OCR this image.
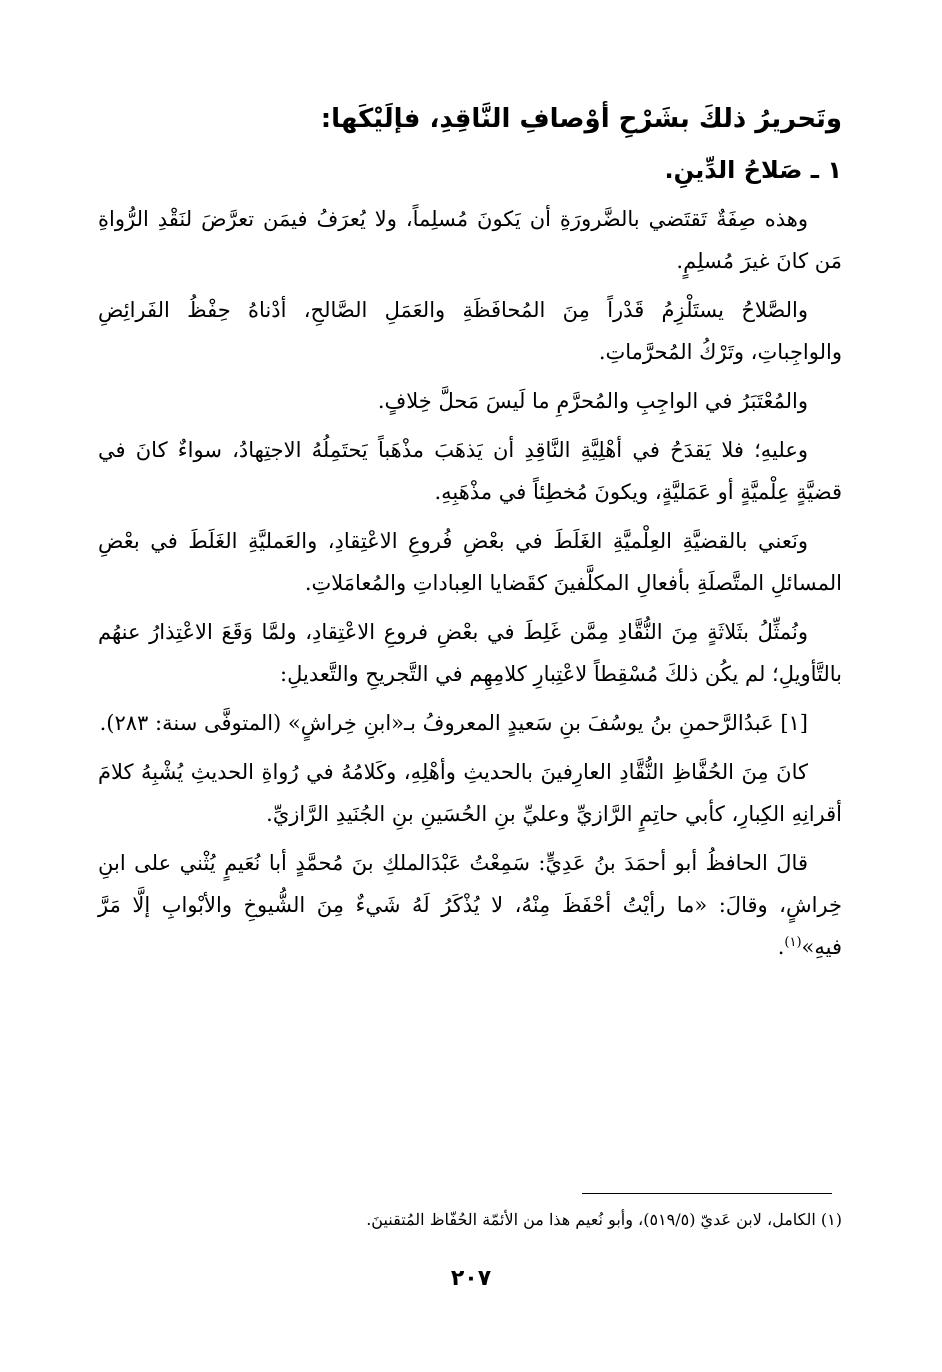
وتَحريرُ ذلكَ بشَرْحِ أوْصافِ النَّاقِدِ، فإلَيْكَها:
١ ـ صَلاحُ الدِّينِ.

وهذه صِفَةٌ تَقتَضي بالضَّرورَةِ أن يَكونَ مُسلِماً، ولا يُعرَفُ فيمَن تعرَّضَ لنَقْدِ الرُّواةِ مَن كانَ غيرَ مُسلِمٍ.

والصَّلاحُ يستَلْزِمُ قَدْراً مِنَ المُحافَظَةِ والعَمَلِ الصَّالحِ، أدْناهُ حِفْظُ الفَرائِضِ والواجِباتِ، وتَرْكُ المُحرَّماتِ.

والمُعْتَبَرُ في الواجِبِ والمُحرَّمِ ما لَيسَ مَحلَّ خِلافٍ.

وعليهِ؛ فلا يَقدَحُ في أهْلِيَّةِ النَّاقِدِ أن يَذهَبَ مذْهَباً يَحتَمِلُهُ الاجتِهادُ، سواءٌ كانَ في قضيَّةٍ عِلْميَّةٍ أو عَمَليَّةٍ، ويكونَ مُخطِئاً في مذْهَبِهِ.

ونَعني بالقضيَّةِ العِلْميَّةِ الغَلَطَ في بعْضِ فُروعِ الاعْتِقادِ، والعَمليَّةِ الغَلَطَ في بعْضِ المسائلِ المتَّصلَةِ بأفعالِ المكلَّفينَ كقَضايا العِباداتِ والمُعامَلاتِ.

ونُمثِّلُ بثَلاثَةٍ مِنَ النُّقَّادِ مِمَّن غَلِطَ في بعْضِ فروعِ الاعْتِقادِ، ولمَّا وَقَعَ الاعْتِذارُ عنهُم بالتَّأويلِ؛ لم يكُن ذلكَ مُسْقِطاً لاعْتِبارِ كلامِهِم في التَّجريحِ والتَّعديلِ:

[١] عَبدُالرَّحمنِ بنُ يوسُفَ بنِ سَعيدٍ المعروفُ بـ«ابنِ خِراشٍ» (المتوفَّى سنة: ٢٨٣).

كانَ مِنَ الحُفَّاظِ النُّقَّادِ العارِفينَ بالحديثِ وأهْلِهِ، وكَلامُهُ في رُواةِ الحديثِ يُشْبِهُ كلامَ أقرانِهِ الكِبارِ، كأبي حاتِمٍ الرَّازيِّ وعليِّ بنِ الحُسَينِ بنِ الجُنَيدِ الرَّازيِّ.

قالَ الحافظُ أبو أحمَدَ بنُ عَدِيٍّ: سَمِعْتُ عَبْدَالملكِ بنَ مُحمَّدٍ أبا نُعَيمٍ يُثْني على ابنِ خِراشٍ، وقالَ: «ما رأيْتُ أحْفَظَ مِنْهُ، لا يُذْكَرُ لَهُ شَيءٌ مِنَ الشُّيوخِ والأبْوابِ إلَّا مَرَّ فيهِ»$^{(١)}$.

(١) الكامل، لابن عَديّ (٥١٩/٥)، وأبو نُعيم هذا من الأئمّة الحُفّاظ المُتقنينَ.
٢٠٧
